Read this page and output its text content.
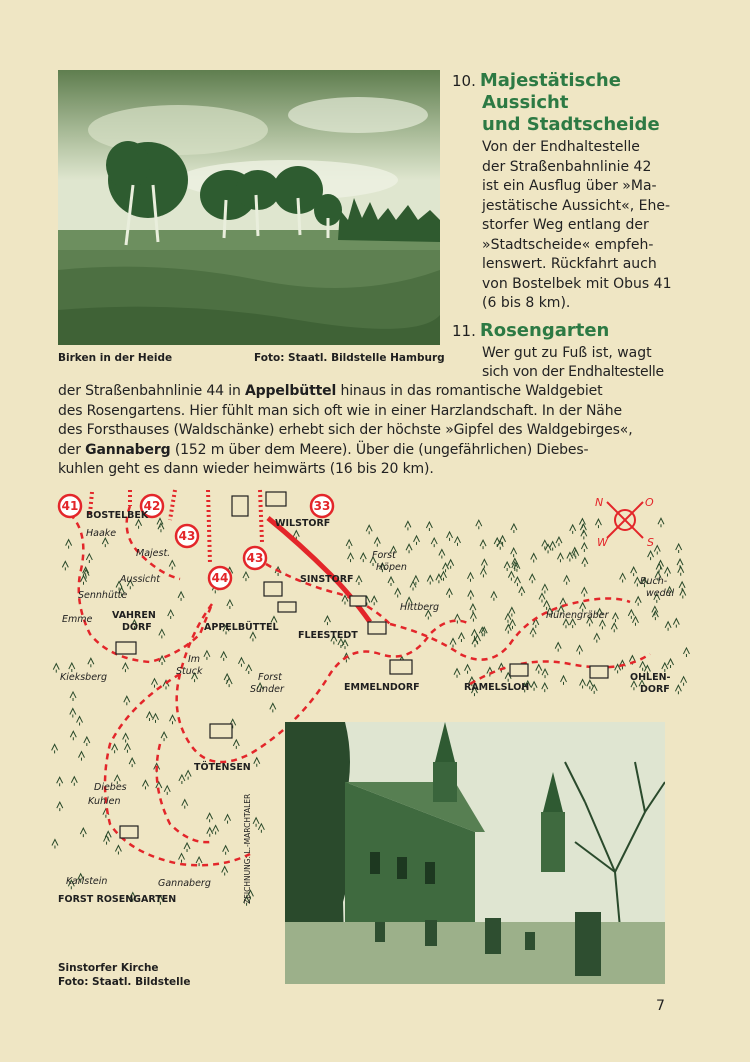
Birken in der Heide	Foto: Staatl. Bildstelle Hamburg
10. Majestätische
Aussicht
und Stadtscheide
Von der Endhaltestelle
der Straßenbahnlinie 42
ist ein Ausflug über »Ma-
jestätische Aussicht«, Ehe-
storfer Weg entlang der
»Stadtscheide« empfeh-
lenswert. Rückfahrt auch
von Bostelbek mit Obus 41
(6 bis 8 km).
11. Rosengarten
Wer gut zu Fuß ist, wagt
sich von der Endhaltestelle
der Straßenbahnlinie 44 in Appelbüttel hinaus in das romantische Waldgebiet
des Rosengartens. Hier fühlt man sich oft wie in einer Harzlandschaft. In der Nähe
des Forsthauses (Waldschänke) erhebt sich der höchste »Gipfel des Waldgebirges«,
der Gannaberg (152 m über dem Meere). Über die (ungefährlichen) Diebes-
kuhlen geht es dann wieder heimwärts (16 bis 20 km).
41	42
43
43
44
33	N	O
W	S
BOSTELBEK
Haake
Majest.
Aussicht
WILSTORF
Forst
Höpen
SINSTORF	Buch-
wedel
Sennhütte
VAHREN
DORF
Emme
APPELBÜTTEL
Hittberg
FLEESTEDT
Hünengräber
Kieksberg
Im
Stuck
Forst
Sunder	EMMELNDORF	RAMELSLOH
OHLEN-
DORF
TÖTENSEN
Diebes
Kuhlen
Karlstein	Gannaberg
FORST ROSENGARTEN	ZEICHNUNG: L.-MARCHTALER
Sinstorfer Kirche
Foto: Staatl. Bildstelle
7
